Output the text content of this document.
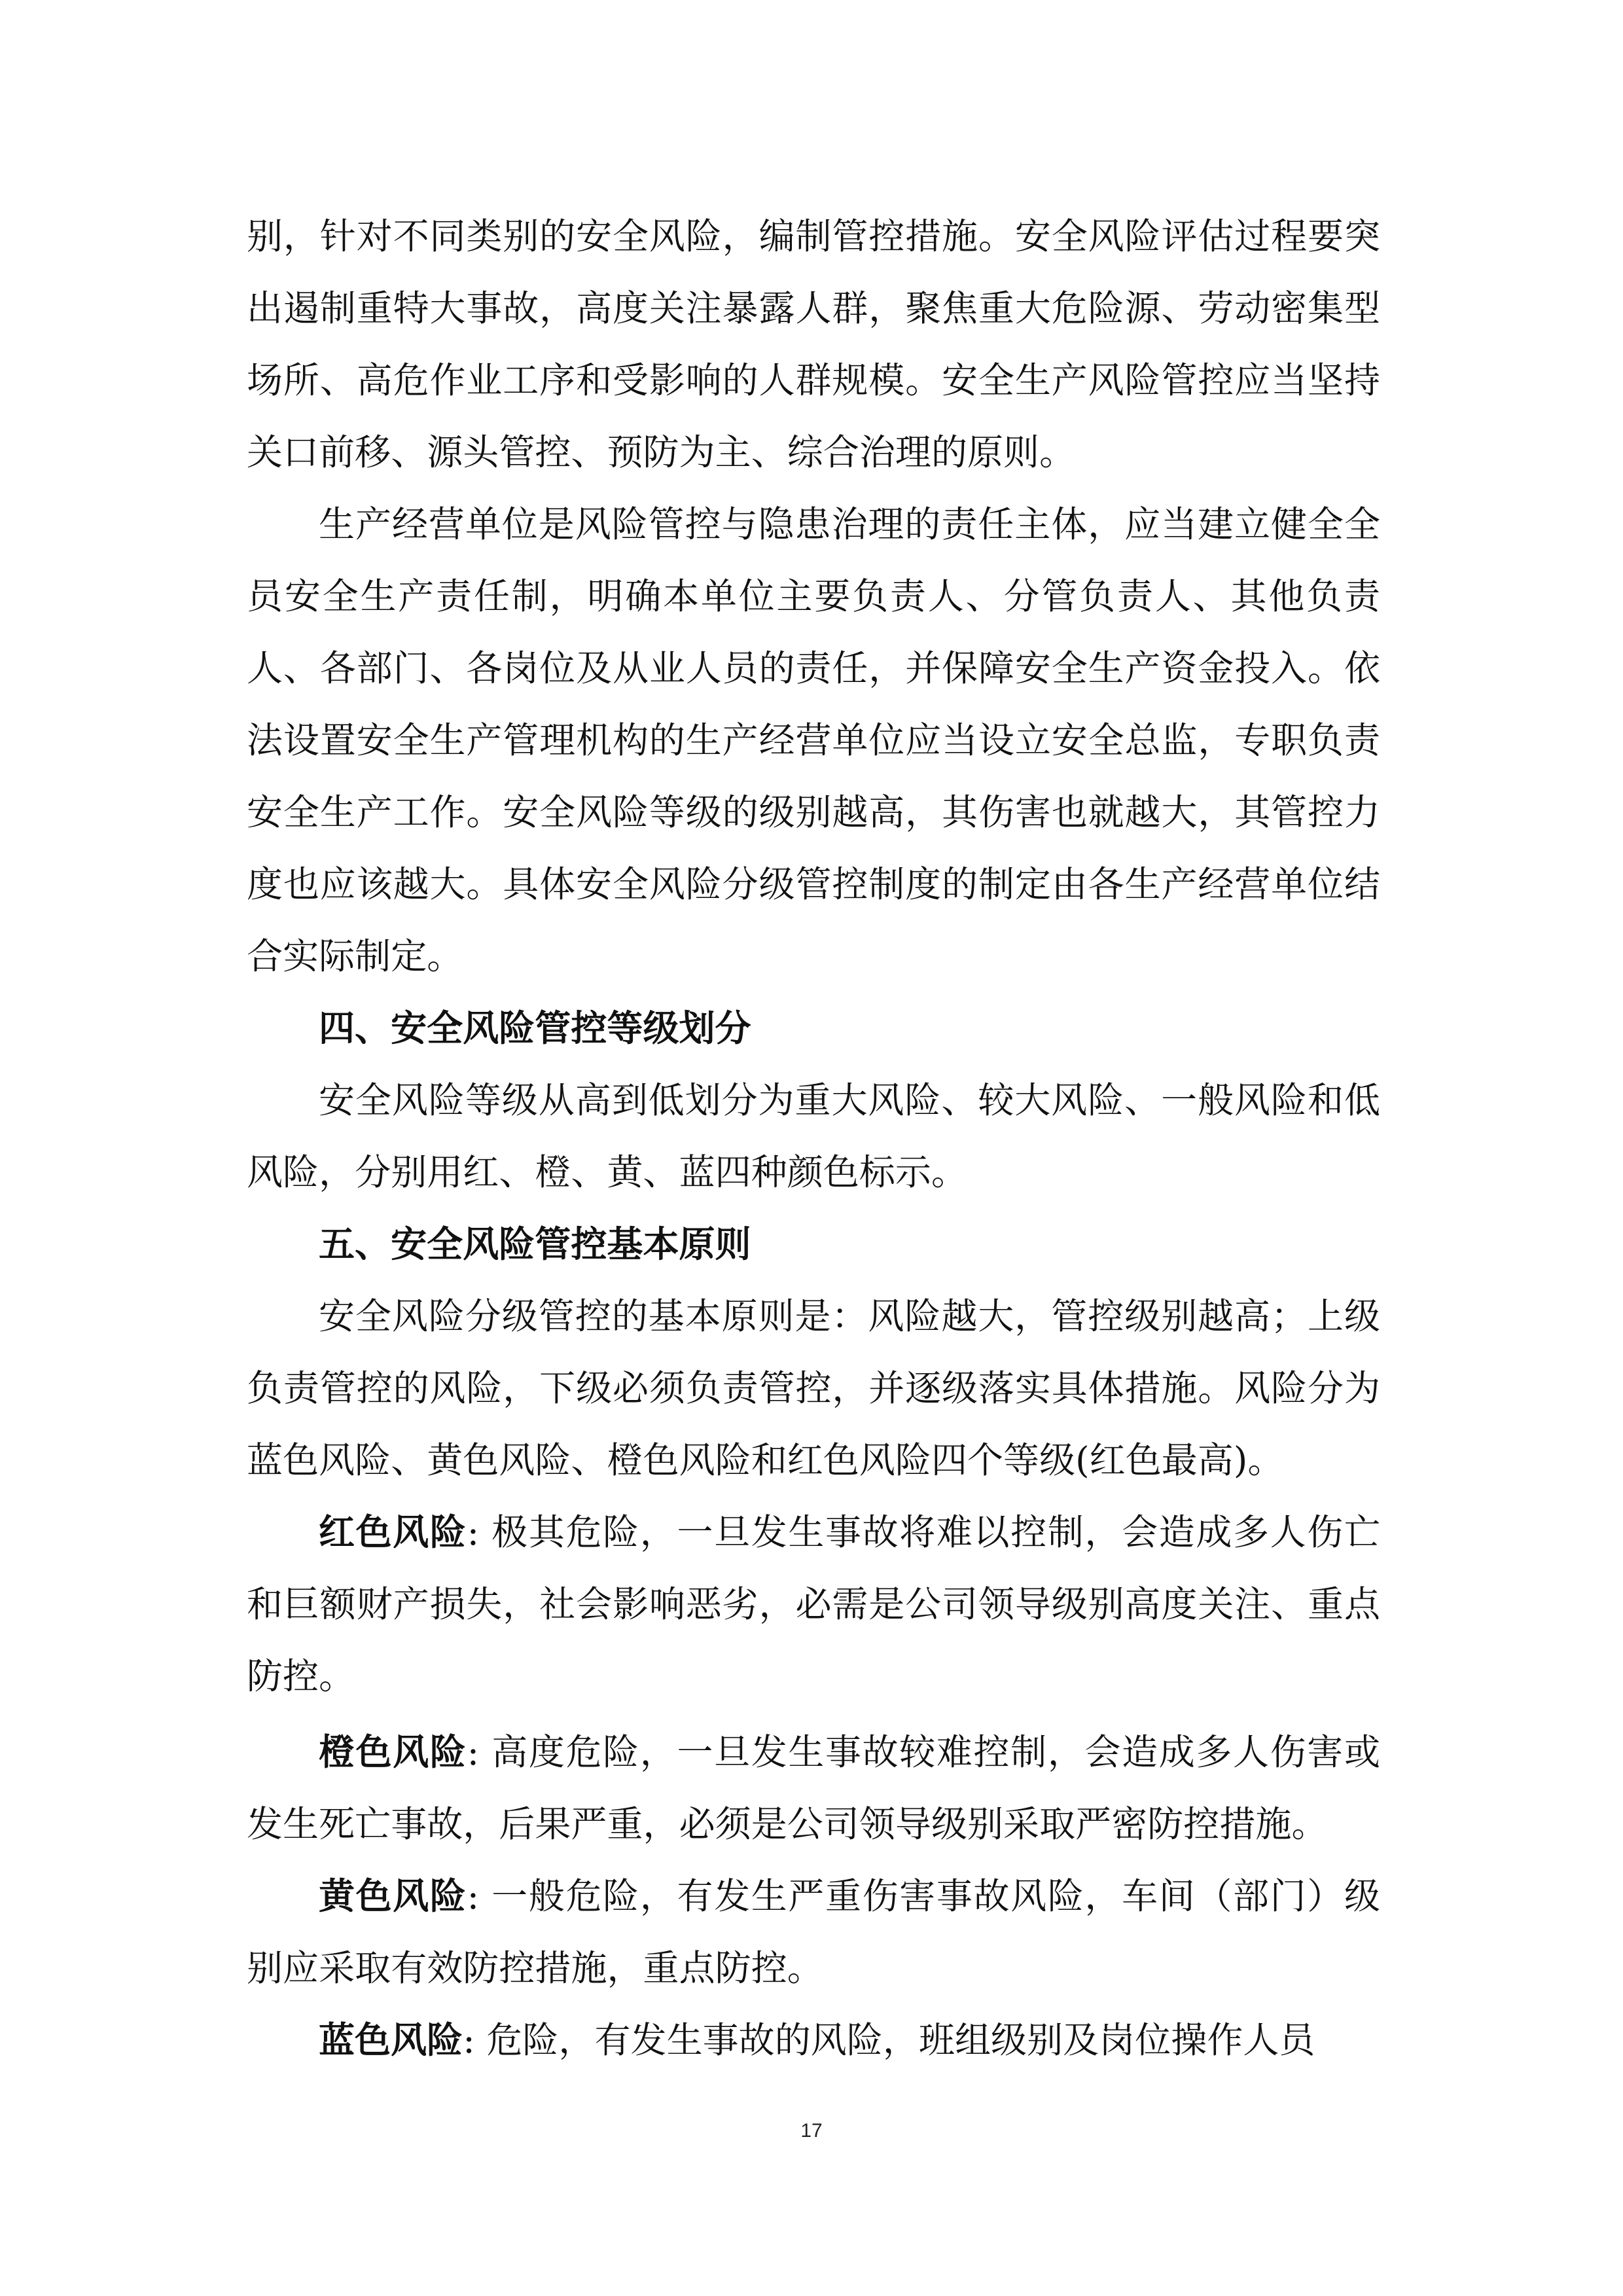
别，针对不同类别的安全风险，编制管控措施。安全风险评估过程要突出遏制重特大事故，高度关注暴露人群，聚焦重大危险源、劳动密集型场所、高危作业工序和受影响的人群规模。安全生产风险管控应当坚持关口前移、源头管控、预防为主、综合治理的原则。

生产经营单位是风险管控与隐患治理的责任主体，应当建立健全全员安全生产责任制，明确本单位主要负责人、分管负责人、其他负责人、各部门、各岗位及从业人员的责任，并保障安全生产资金投入。依法设置安全生产管理机构的生产经营单位应当设立安全总监，专职负责安全生产工作。安全风险等级的级别越高，其伤害也就越大，其管控力度也应该越大。具体安全风险分级管控制度的制定由各生产经营单位结合实际制定。

四、安全风险管控等级划分

安全风险等级从高到低划分为重大风险、较大风险、一般风险和低风险，分别用红、橙、黄、蓝四种颜色标示。

五、安全风险管控基本原则

安全风险分级管控的基本原则是：风险越大，管控级别越高；上级负责管控的风险，下级必须负责管控，并逐级落实具体措施。风险分为蓝色风险、黄色风险、橙色风险和红色风险四个等级(红色最高)。

红色风险: 极其危险，一旦发生事故将难以控制，会造成多人伤亡和巨额财产损失，社会影响恶劣，必需是公司领导级别高度关注、重点防控。

橙色风险: 高度危险，一旦发生事故较难控制，会造成多人伤害或发生死亡事故，后果严重，必须是公司领导级别采取严密防控措施。

黄色风险: 一般危险，有发生严重伤害事故风险，车间（部门）级别应采取有效防控措施，重点防控。

蓝色风险: 危险，有发生事故的风险，班组级别及岗位操作人员

17
